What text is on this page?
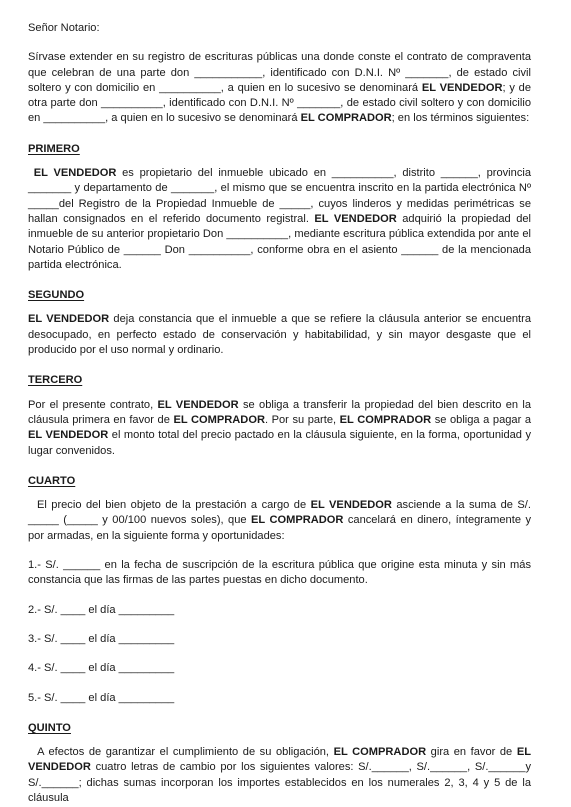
Señor Notario:

Sírvase extender en su registro de escrituras públicas una donde conste el contrato de compraventa que celebran de una parte don ___________, identificado con D.N.I. Nº _______, de estado civil soltero y con domicilio en __________, a quien en lo sucesivo se denominará EL VENDEDOR; y de otra parte don __________, identificado con D.N.I. Nº _______, de estado civil soltero y con domicilio en __________, a quien en lo sucesivo se denominará EL COMPRADOR; en los términos siguientes:

PRIMERO

EL VENDEDOR es propietario del inmueble ubicado en __________, distrito ______, provincia _______ y departamento de _______, el mismo que se encuentra inscrito en la partida electrónica Nº _____del Registro de la Propiedad Inmueble de _____, cuyos linderos y medidas perimétricas se hallan consignados en el referido documento registral. EL VENDEDOR adquirió la propiedad del inmueble de su anterior propietario Don __________, mediante escritura pública extendida por ante el Notario Público de ______ Don __________, conforme obra en el asiento ______ de la mencionada partida electrónica.

SEGUNDO

EL VENDEDOR deja constancia que el inmueble a que se refiere la cláusula anterior se encuentra desocupado, en perfecto estado de conservación y habitabilidad, y sin mayor desgaste que el producido por el uso normal y ordinario.

TERCERO

Por el presente contrato, EL VENDEDOR se obliga a transferir la propiedad del bien descrito en la cláusula primera en favor de EL COMPRADOR. Por su parte, EL COMPRADOR se obliga a pagar a EL VENDEDOR el monto total del precio pactado en la cláusula siguiente, en la forma, oportunidad y lugar convenidos.

CUARTO

El precio del bien objeto de la prestación a cargo de EL VENDEDOR asciende a la suma de S/. _____ (_____ y 00/100 nuevos soles), que EL COMPRADOR cancelará en dinero, íntegramente y por armadas, en la siguiente forma y oportunidades:

1.- S/. ______ en la fecha de suscripción de la escritura pública que origine esta minuta y sin más constancia que las firmas de las partes puestas en dicho documento.

2.- S/. ____ el día _________

3.- S/. ____ el día _________

4.- S/. ____ el día _________

5.- S/. ____ el día _________

QUINTO

A efectos de garantizar el cumplimiento de su obligación, EL COMPRADOR gira en favor de EL VENDEDOR cuatro letras de cambio por los siguientes valores: S/.______, S/.______, S/.______y S/.______; dichas sumas incorporan los importes establecidos en los numerales 2, 3, 4 y 5 de la cláusula
